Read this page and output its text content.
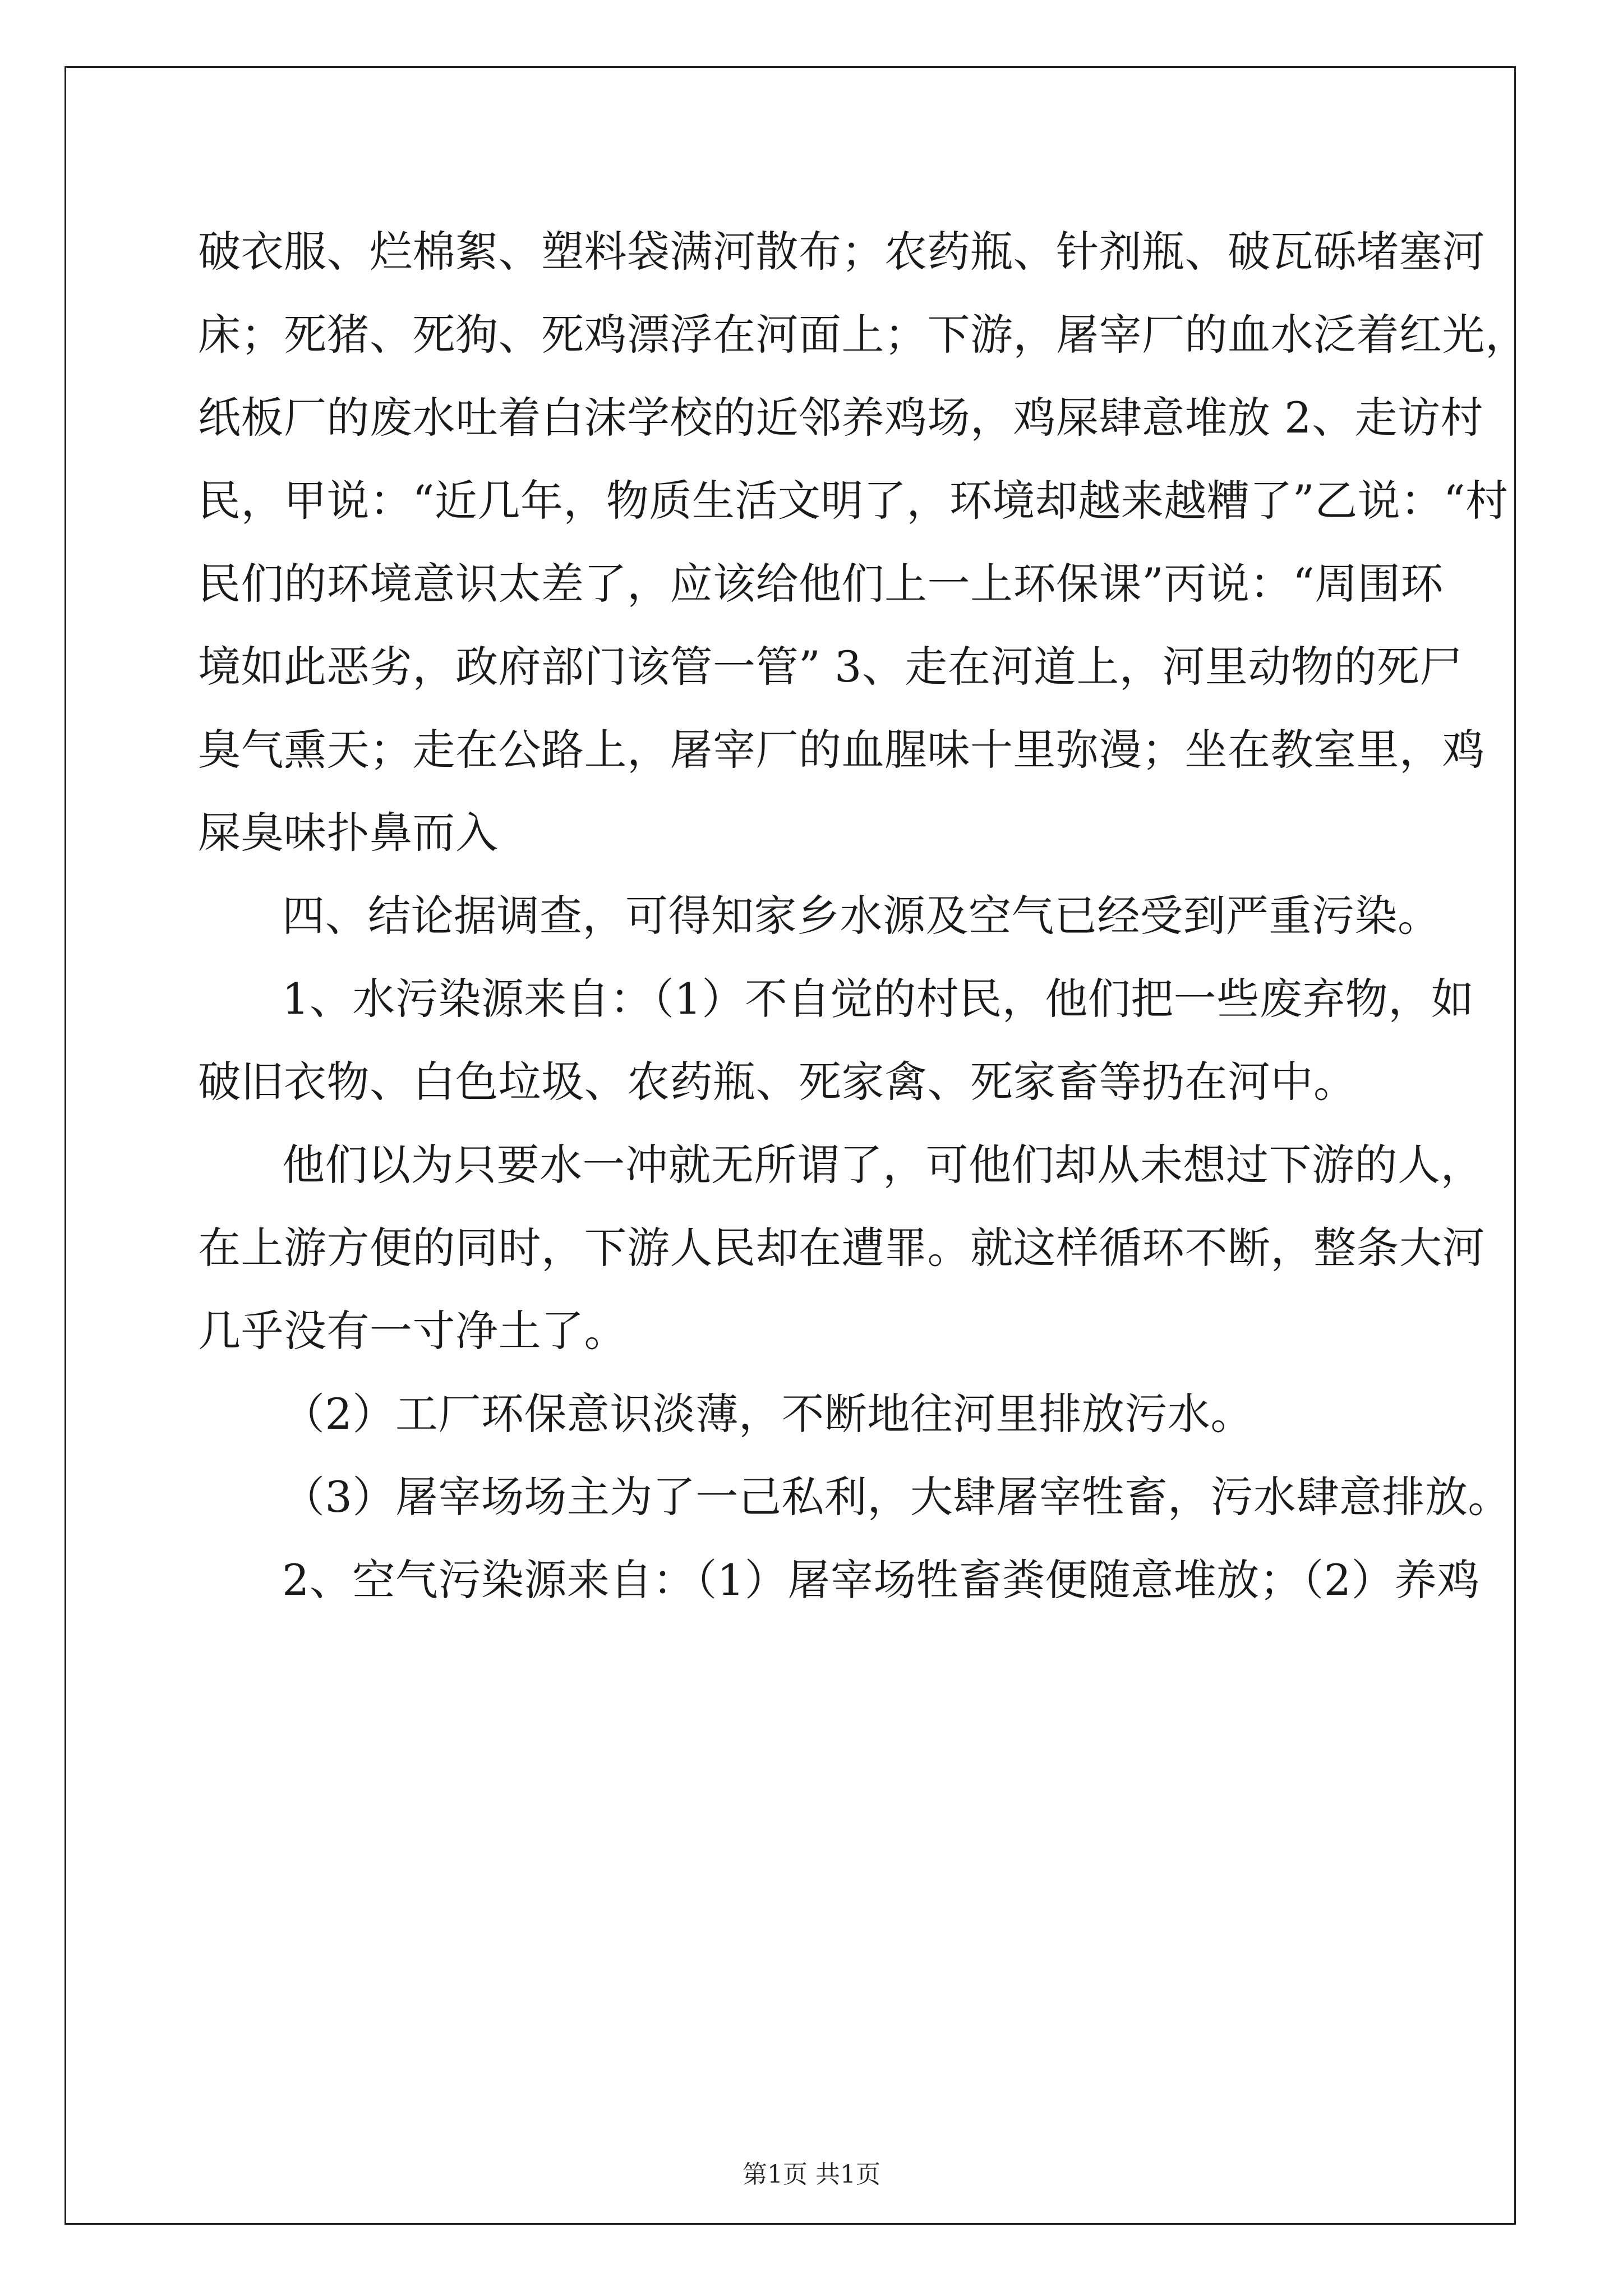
破衣服、烂棉絮、塑料袋满河散布；农药瓶、针剂瓶、破瓦砾堵塞河
床；死猪、死狗、死鸡漂浮在河面上；下游，屠宰厂的血水泛着红光，
纸板厂的废水吐着白沫学校的近邻养鸡场，鸡屎肆意堆放 2、走访村
民，甲说：“近几年，物质生活文明了，环境却越来越糟了”乙说：“村
民们的环境意识太差了，应该给他们上一上环保课”丙说：“周围环
境如此恶劣，政府部门该管一管” 3、走在河道上，河里动物的死尸
臭气熏天；走在公路上，屠宰厂的血腥味十里弥漫；坐在教室里，鸡
屎臭味扑鼻而入
四、结论据调查，可得知家乡水源及空气已经受到严重污染。
1、水污染源来自：（1）不自觉的村民，他们把一些废弃物，如
破旧衣物、白色垃圾、农药瓶、死家禽、死家畜等扔在河中。
他们以为只要水一冲就无所谓了，可他们却从未想过下游的人，
在上游方便的同时，下游人民却在遭罪。就这样循环不断，整条大河
几乎没有一寸净土了。
（2）工厂环保意识淡薄，不断地往河里排放污水。
（3）屠宰场场主为了一己私利，大肆屠宰牲畜，污水肆意排放。
2、空气污染源来自：（1）屠宰场牲畜粪便随意堆放；（2）养鸡
第1页 共1页
